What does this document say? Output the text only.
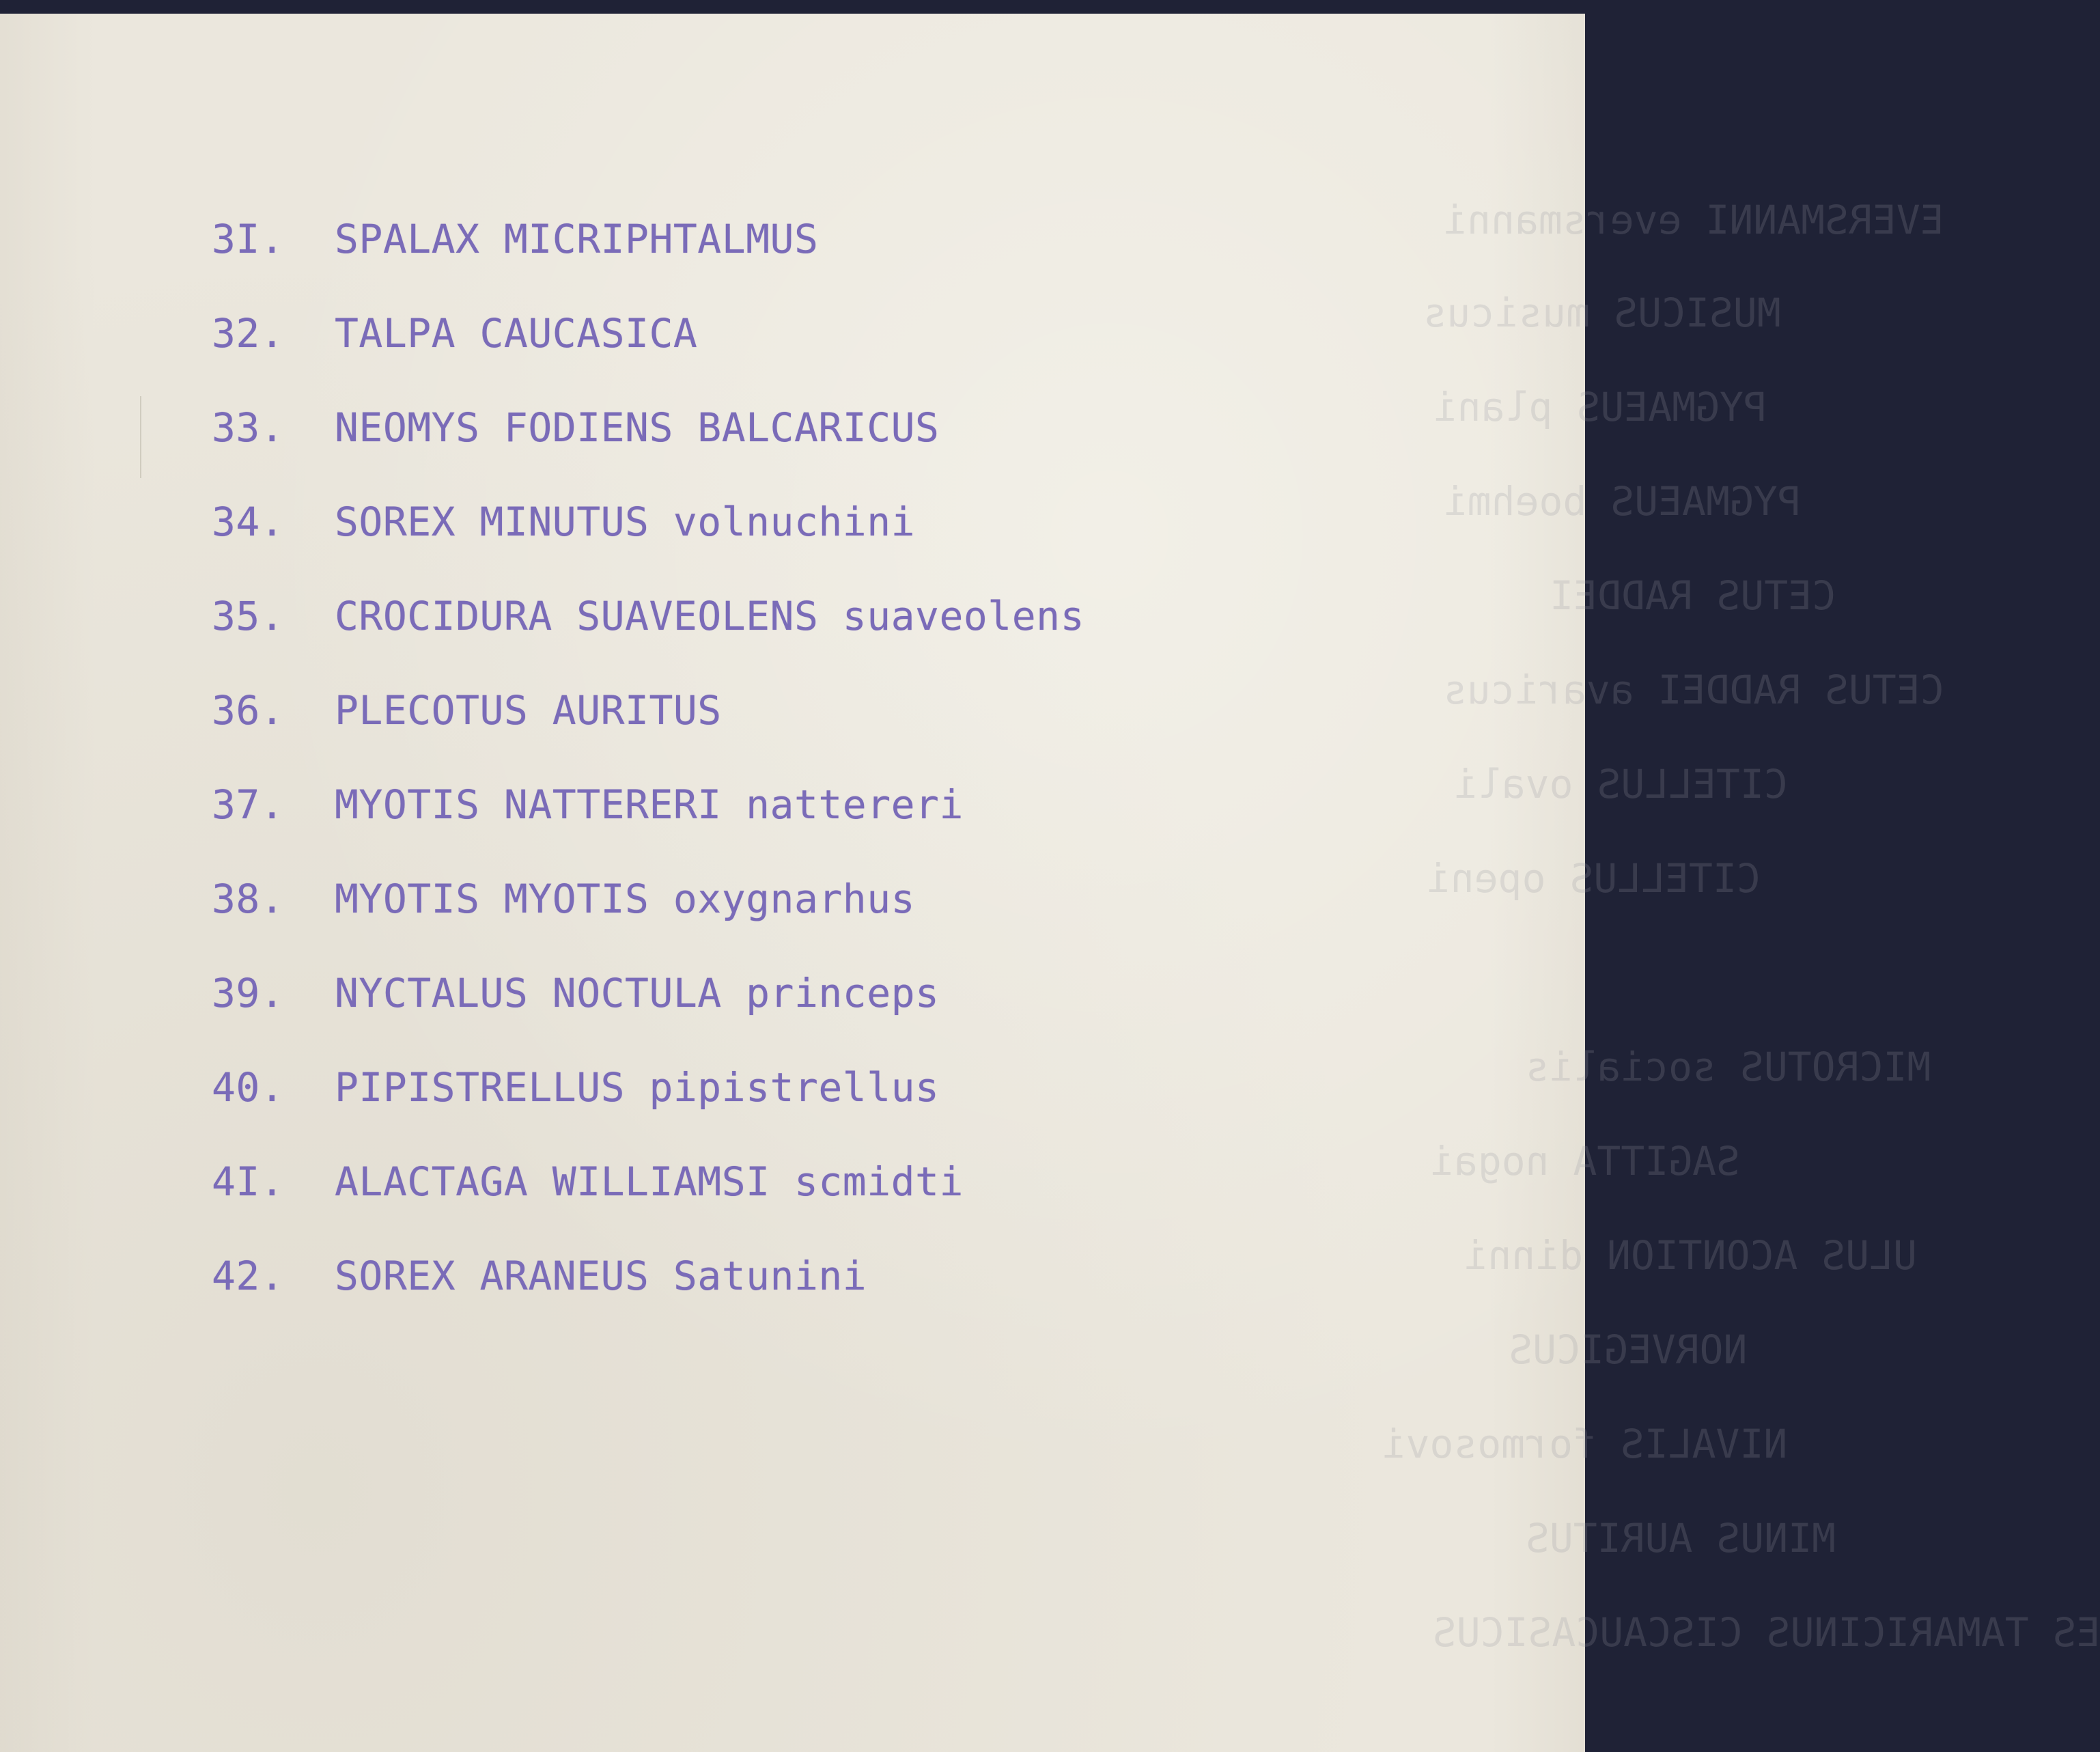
EVERSMANNI eversmanni
MUSICUS musicus
PYGMAEUS plani
PYGMAEUS boehmi
CETUS RADDEI
CETUS RADDEI avaricus
CITELLUS ovali
CITELLUS openi
MICROTUS socialis
SAGITTA nogai
ULUS ACONTION dinni
NORVEGICUS
NIVALIS formosovi
MINUS AURITUS
ES TAMARICINUS CISCAUCASICUS
3I. SPALAX MICRIPHTALMUS
32. TALPA CAUCASICA
33. NEOMYS FODIENS BALCARICUS
34. SOREX MINUTUS volnuchini
35. CROCIDURA SUAVEOLENS suaveolens
36. PLECOTUS AURITUS
37. MYOTIS NATTERERI nattereri
38. MYOTIS MYOTIS oxygnarhus
39. NYCTALUS NOCTULA princeps
40. PIPISTRELLUS pipistrellus
4I. ALACTAGA WILLIAMSI scmidti
42. SOREX ARANEUS Satunini
